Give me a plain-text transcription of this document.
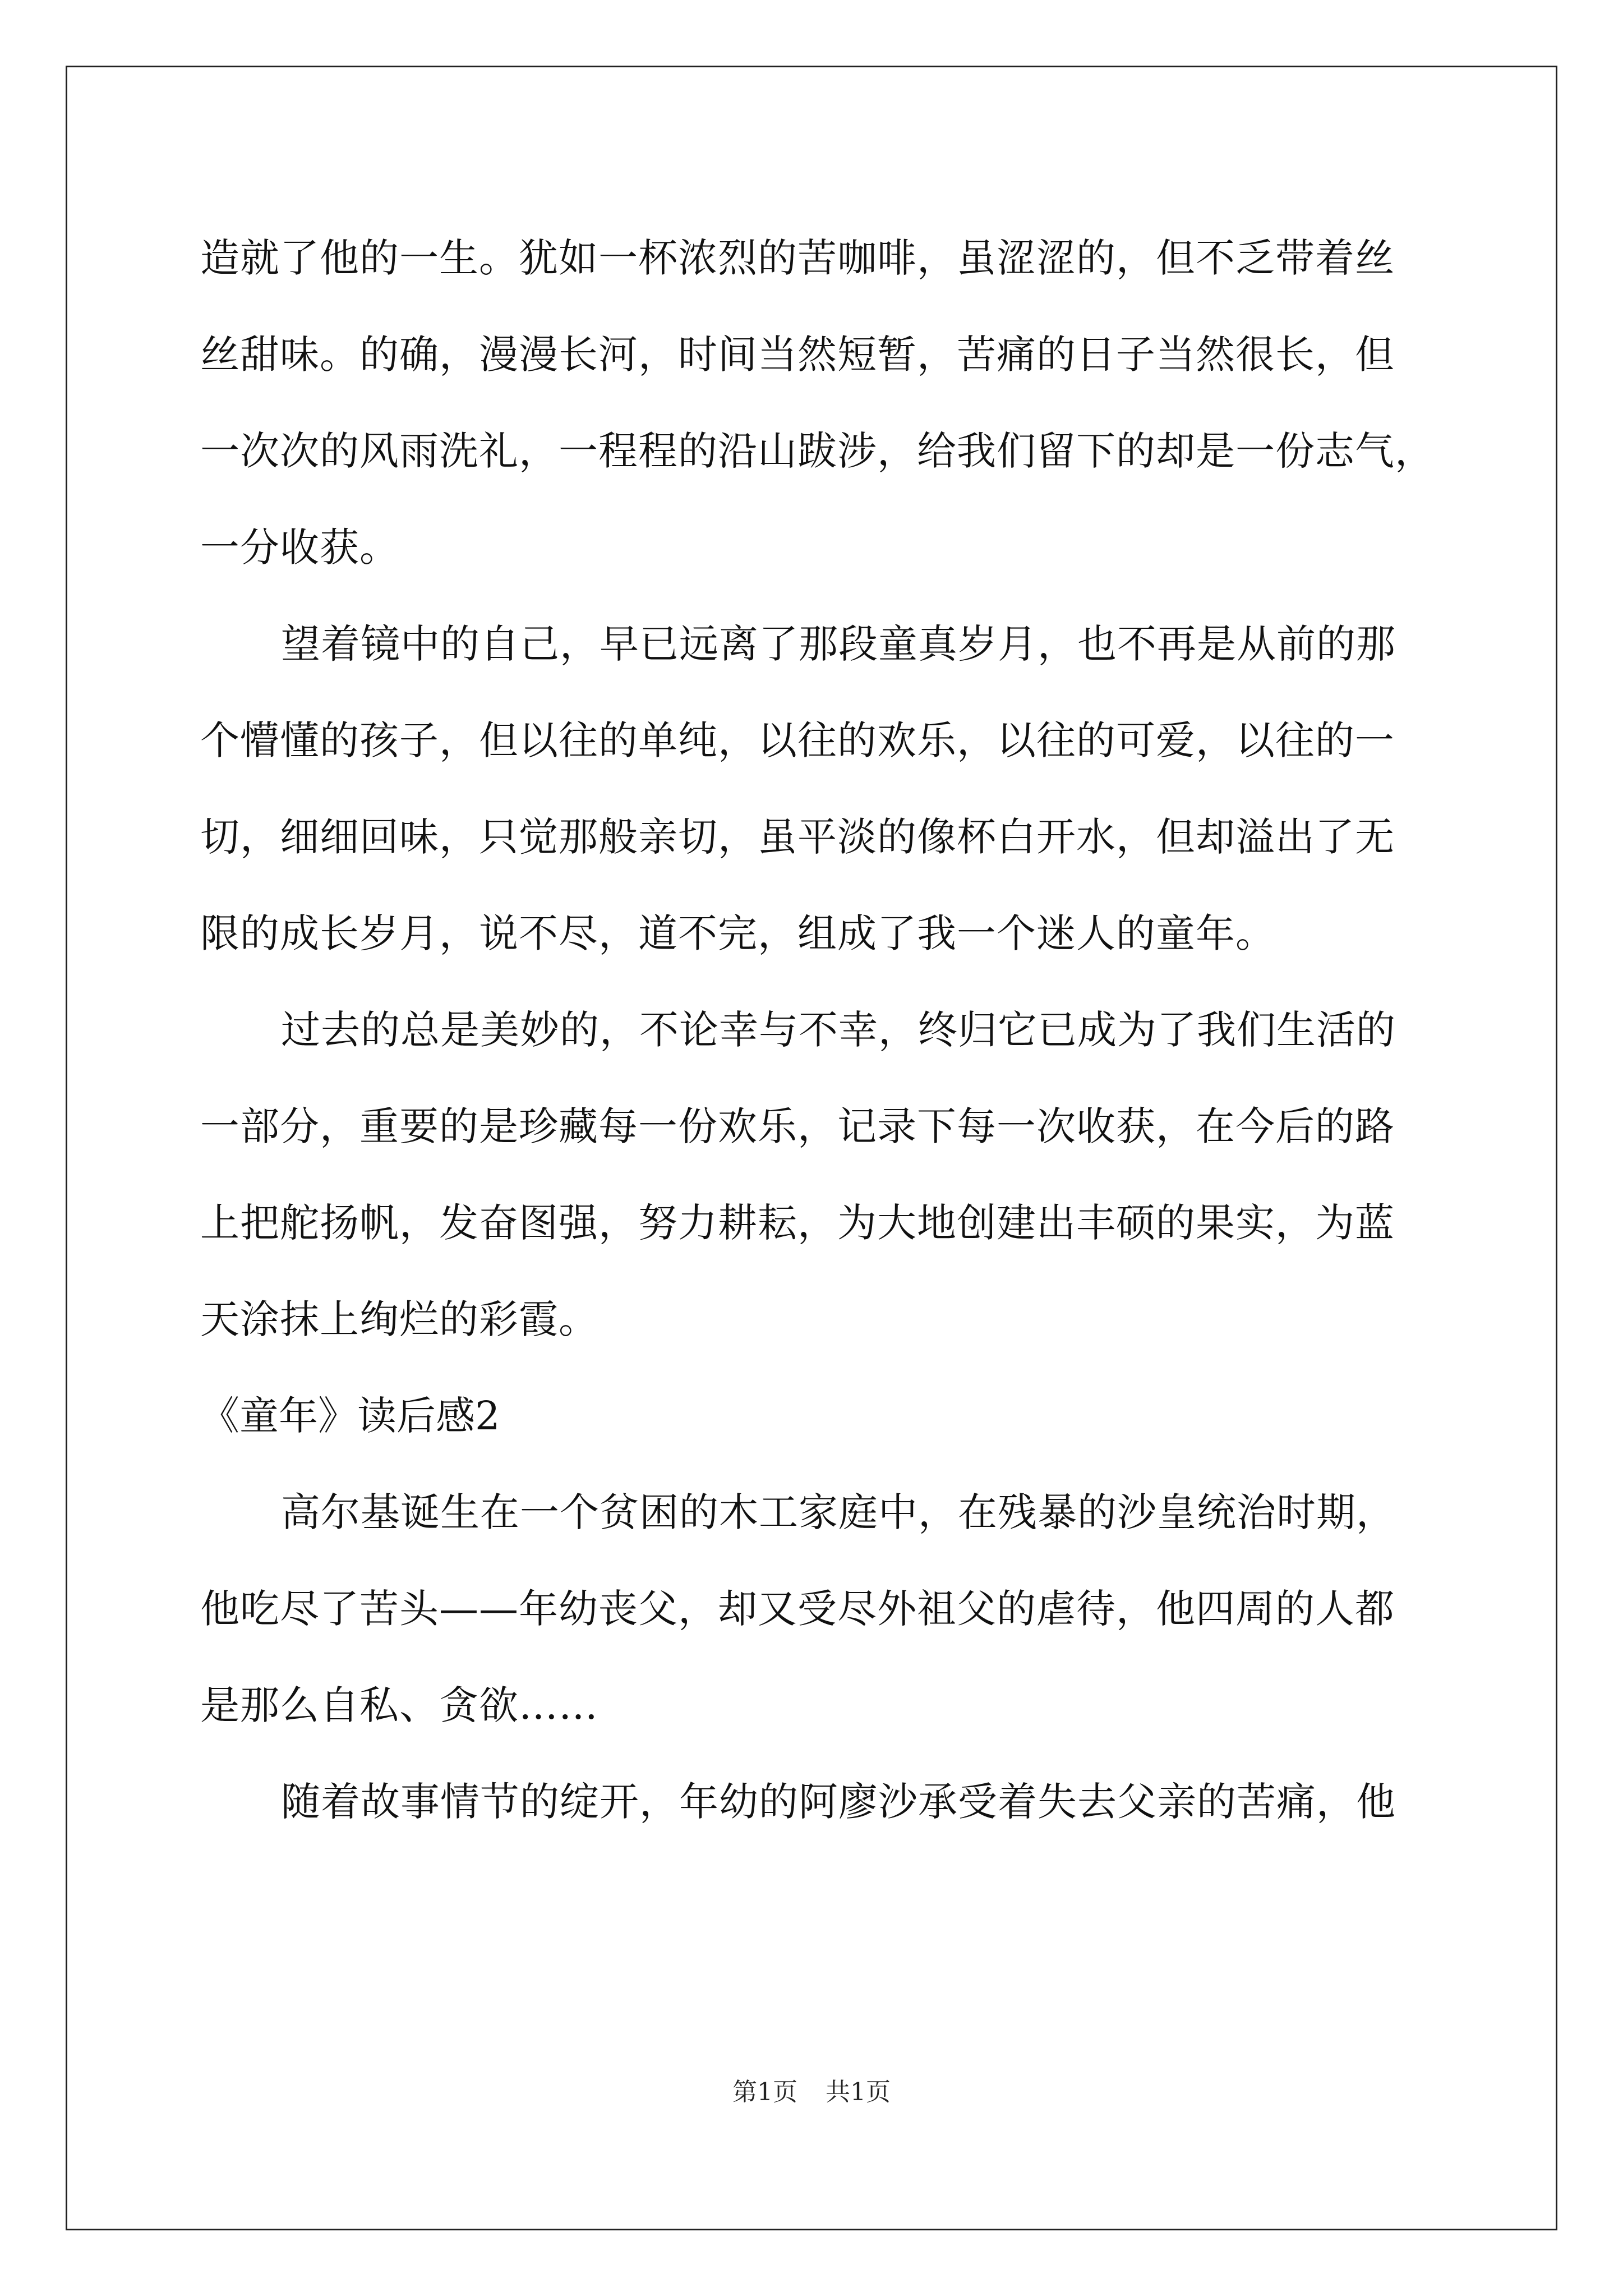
造就了他的一生。犹如一杯浓烈的苦咖啡，虽涩涩的，但不乏带着丝
丝甜味。的确，漫漫长河，时间当然短暂，苦痛的日子当然很长，但
一次次的风雨洗礼，一程程的沿山跋涉，给我们留下的却是一份志气，
一分收获。
望着镜中的自己，早已远离了那段童真岁月，也不再是从前的那
个懵懂的孩子，但以往的单纯，以往的欢乐，以往的可爱，以往的一
切，细细回味，只觉那般亲切，虽平淡的像杯白开水，但却溢出了无
限的成长岁月，说不尽，道不完，组成了我一个迷人的童年。
过去的总是美妙的，不论幸与不幸，终归它已成为了我们生活的
一部分，重要的是珍藏每一份欢乐，记录下每一次收获，在今后的路
上把舵扬帆，发奋图强，努力耕耘，为大地创建出丰硕的果实，为蓝
天涂抹上绚烂的彩霞。
《童年》读后感2
高尔基诞生在一个贫困的木工家庭中，在残暴的沙皇统治时期，
他吃尽了苦头——年幼丧父，却又受尽外祖父的虐待，他四周的人都
是那么自私、贪欲……
随着故事情节的绽开，年幼的阿廖沙承受着失去父亲的苦痛，他
第1页 共1页
